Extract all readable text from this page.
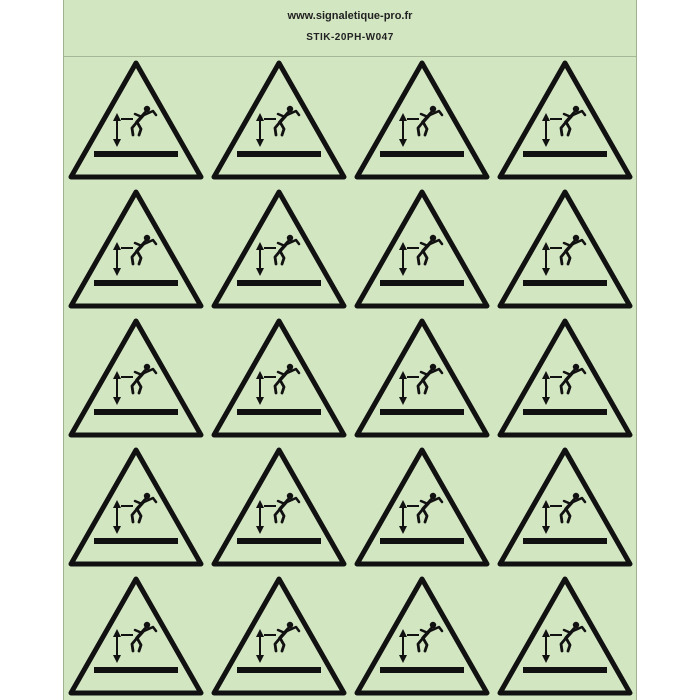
www.signaletique-pro.fr
STIK-20PH-W047
